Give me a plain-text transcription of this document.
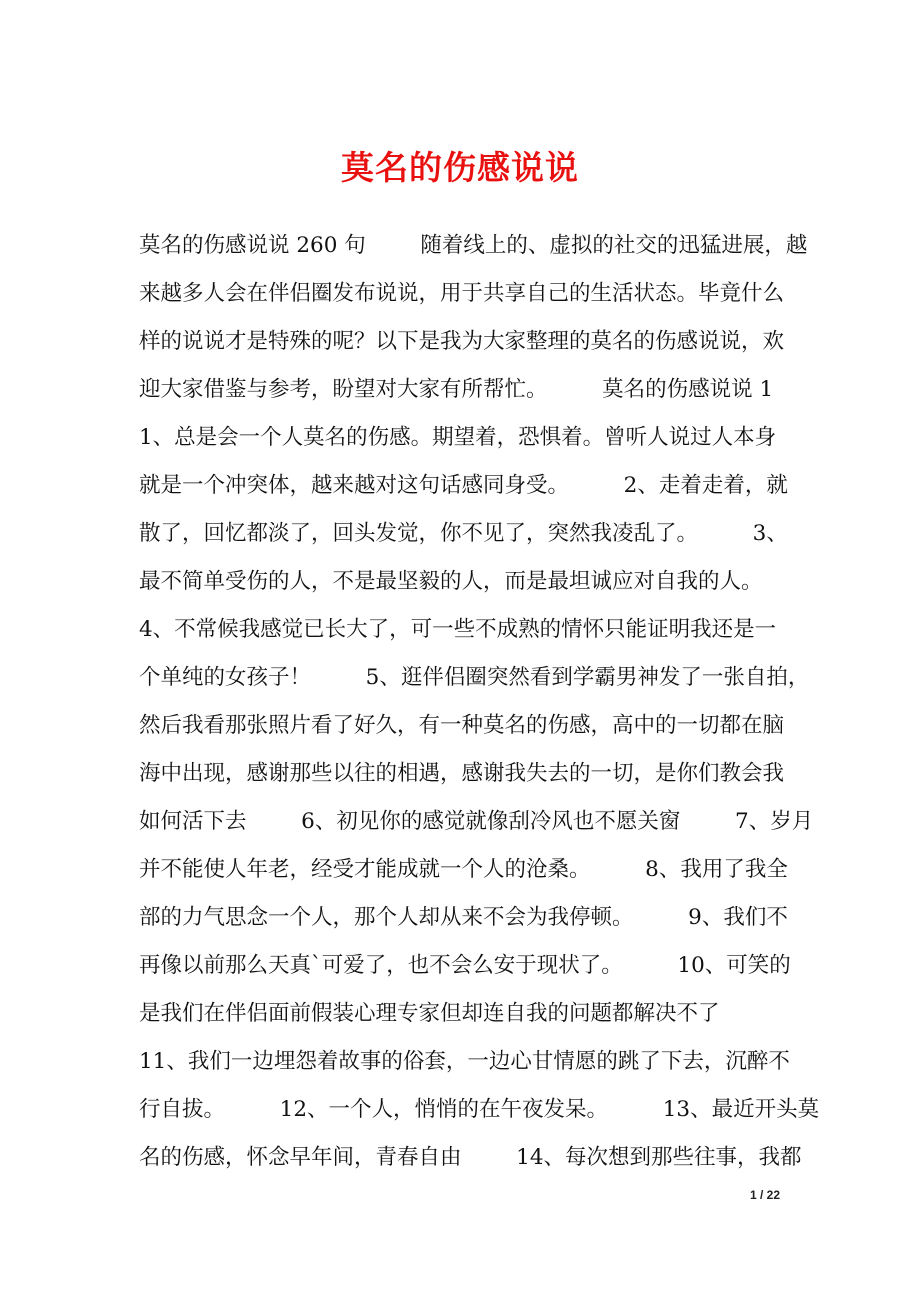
莫名的伤感说说
莫名的伤感说说 260 句        随着线上的、虚拟的社交的迅猛进展，越
来越多人会在伴侣圈发布说说，用于共享自己的生活状态。毕竟什么
样的说说才是特殊的呢？以下是我为大家整理的莫名的伤感说说，欢
迎大家借鉴与参考，盼望对大家有所帮忙。        莫名的伤感说说 1
1、总是会一个人莫名的伤感。期望着，恐惧着。曾听人说过人本身
就是一个冲突体，越来越对这句话感同身受。        2、走着走着，就
散了，回忆都淡了，回头发觉，你不见了，突然我凌乱了。        3、
最不简单受伤的人，不是最坚毅的人，而是最坦诚应对自我的人。
4、不常候我感觉已长大了，可一些不成熟的情怀只能证明我还是一
个单纯的女孩子！        5、逛伴侣圈突然看到学霸男神发了一张自拍，
然后我看那张照片看了好久，有一种莫名的伤感，高中的一切都在脑
海中出现，感谢那些以往的相遇，感谢我失去的一切，是你们教会我
如何活下去        6、初见你的感觉就像刮冷风也不愿关窗        7、岁月
并不能使人年老，经受才能成就一个人的沧桑。        8、我用了我全
部的力气思念一个人，那个人却从来不会为我停顿。        9、我们不
再像以前那么天真`可爱了，也不会么安于现状了。        10、可笑的
是我们在伴侣面前假装心理专家但却连自我的问题都解决不了
11、我们一边埋怨着故事的俗套，一边心甘情愿的跳了下去，沉醉不
行自拔。        12、一个人，悄悄的在午夜发呆。        13、最近开头莫
名的伤感，怀念早年间，青春自由        14、每次想到那些往事，我都
1 / 22
